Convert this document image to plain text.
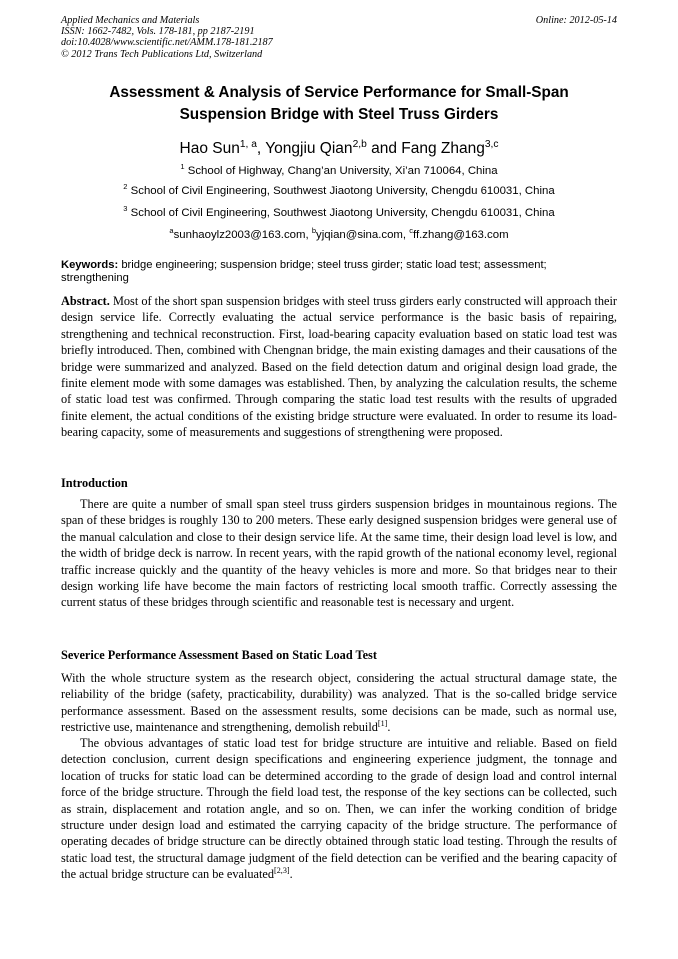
Applied Mechanics and Materials
ISSN: 1662-7482, Vols. 178-181, pp 2187-2191
doi:10.4028/www.scientific.net/AMM.178-181.2187
© 2012 Trans Tech Publications Ltd, Switzerland
Online: 2012-05-14
Assessment & Analysis of Service Performance for Small-Span
Suspension Bridge with Steel Truss Girders
Hao Sun$^{1, a}$, Yongjiu Qian$^{2,b}$ and Fang Zhang$^{3,c}$
$^1$ School of Highway, Chang’an University, Xi’an 710064, China
$^2$ School of Civil Engineering, Southwest Jiaotong University, Chengdu 610031, China
$^3$ School of Civil Engineering, Southwest Jiaotong University, Chengdu 610031, China
$^a$sunhaoylz2003@163.com, $^b$yjqian@sina.com, $^c$ff.zhang@163.com
Keywords: bridge engineering; suspension bridge; steel truss girder; static load test; assessment; strengthening
Abstract. Most of the short span suspension bridges with steel truss girders early constructed will approach their design service life. Correctly evaluating the actual service performance is the basic basis of repairing, strengthening and technical reconstruction. First, load-bearing capacity evaluation based on static load test was briefly introduced. Then, combined with Chengnan bridge, the main existing damages and their causations of the bridge were summarized and analyzed. Based on the field detection datum and original design load grade, the finite element mode with some damages was established. Then, by analyzing the calculation results, the scheme of static load test was confirmed. Through comparing the static load test results with the results of upgraded finite element, the actual conditions of the existing bridge structure were evaluated. In order to resume its load-bearing capacity, some of measurements and suggestions of strengthening were proposed.
Introduction
There are quite a number of small span steel truss girders suspension bridges in mountainous regions. The span of these bridges is roughly 130 to 200 meters. These early designed suspension bridges were general use of the manual calculation and close to their design service life. At the same time, their design load level is low, and the width of bridge deck is narrow. In recent years, with the rapid growth of the national economy level, regional traffic increase quickly and the quantity of the heavy vehicles is more and more. So that bridges near to their design working life have become the main factors of restricting local smooth traffic. Correctly assessing the current status of these bridges through scientific and reasonable test is necessary and urgent.
Severice Performance Assessment Based on Static Load Test
With the whole structure system as the research object, considering the actual structural damage state, the reliability of the bridge (safety, practicability, durability) was analyzed. That is the so-called bridge service performance assessment. Based on the assessment results, some decisions can be made, such as normal use, restrictive use, maintenance and strengthening, demolish rebuild[1].
The obvious advantages of static load test for bridge structure are intuitive and reliable. Based on field detection conclusion, current design specifications and engineering experience judgment, the tonnage and location of trucks for static load can be determined according to the grade of design load and control internal force of the bridge structure. Through the field load test, the response of the key sections can be collected, such as strain, displacement and rotation angle, and so on. Then, we can infer the working condition of bridge structure under design load and estimated the carrying capacity of the bridge structure. The performance of operating decades of bridge structure can be directly obtained through static load testing. Through the results of static load test, the structural damage judgment of the field detection can be verified and the bearing capacity of the actual bridge structure can be evaluated[2,3].
